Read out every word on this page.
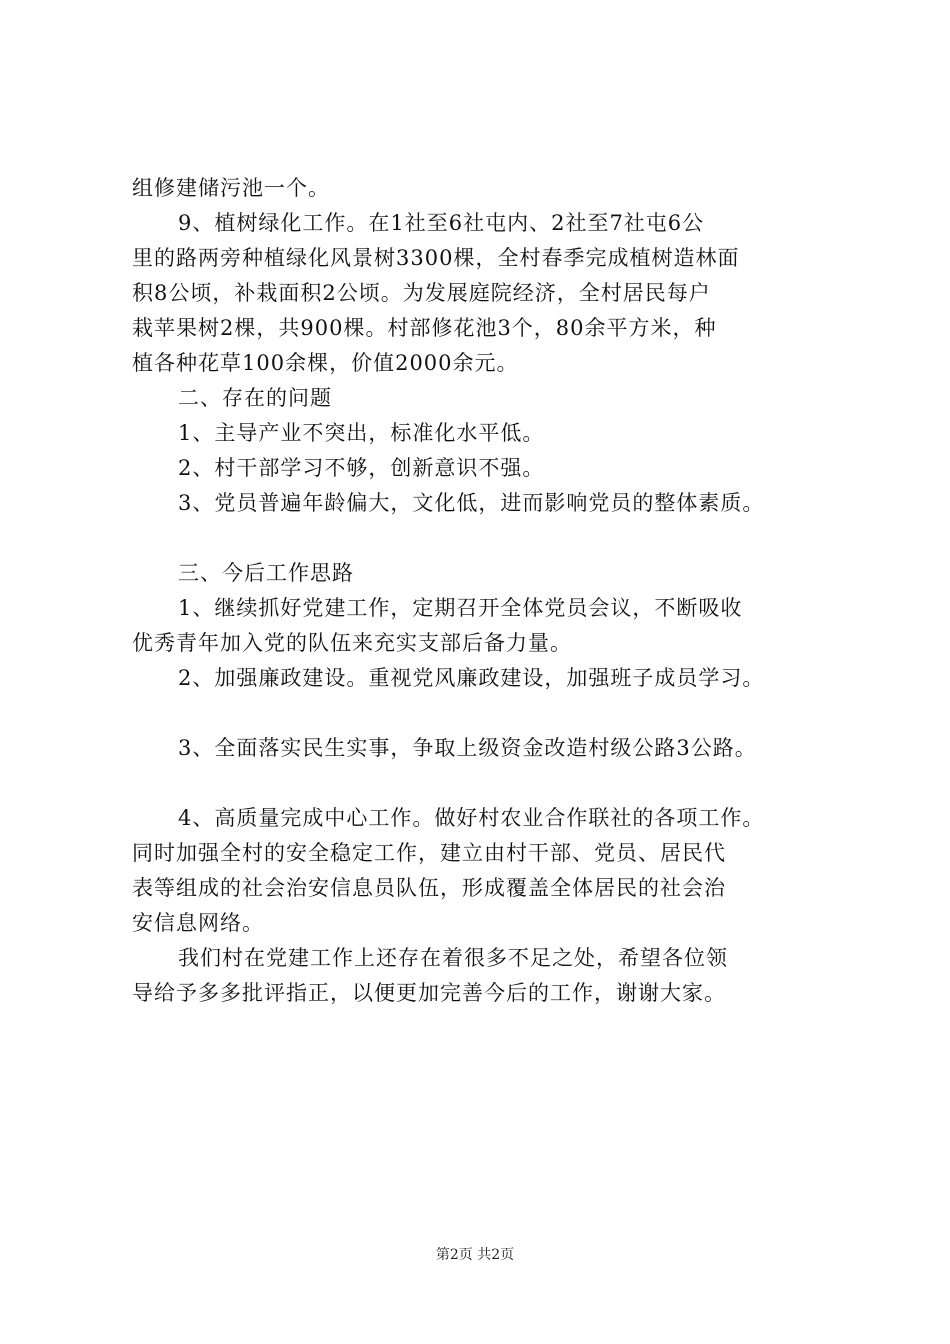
组修建储污池一个。

9、植树绿化工作。在1社至6社屯内、2社至7社屯6公

里的路两旁种植绿化风景树3300棵，全村春季完成植树造林面

积8公顷，补栽面积2公顷。为发展庭院经济，全村居民每户

栽苹果树2棵，共900棵。村部修花池3个，80余平方米，种

植各种花草100余棵，价值2000余元。

二、存在的问题

1、主导产业不突出，标准化水平低。

2、村干部学习不够，创新意识不强。

3、党员普遍年龄偏大，文化低，进而影响党员的整体素质。

三、今后工作思路

1、继续抓好党建工作，定期召开全体党员会议，不断吸收

优秀青年加入党的队伍来充实支部后备力量。

2、加强廉政建设。重视党风廉政建设，加强班子成员学习。

3、全面落实民生实事，争取上级资金改造村级公路3公路。

4、高质量完成中心工作。做好村农业合作联社的各项工作。

同时加强全村的安全稳定工作，建立由村干部、党员、居民代

表等组成的社会治安信息员队伍，形成覆盖全体居民的社会治

安信息网络。

我们村在党建工作上还存在着很多不足之处，希望各位领

导给予多多批评指正，以便更加完善今后的工作，谢谢大家。

第2页 共2页
